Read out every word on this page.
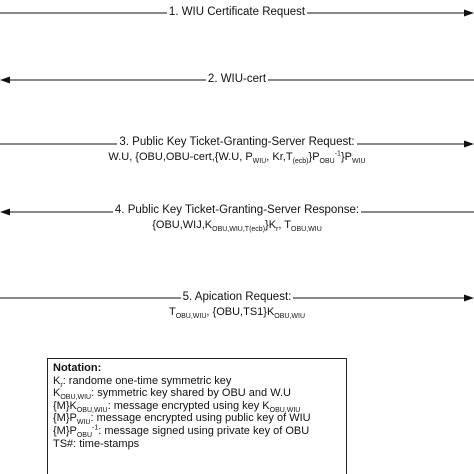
1. WIU Certificate Request
2. WIU-cert
3. Public Key Ticket-Granting-Server Request:
W.U, {OBU,OBU-cert,{W.U, $P_{WIU}$, $Kr,T_{(ecb)}\}P_{OBU}^{-1}\}P_{WIU}$
4. Public Key Ticket-Granting-Server Response:
$\{OBU,WIJ,K_{OBU,WIU,T(ecb)}\}K_r$, $T_{OBU,WIU}$
5. Apication Request:
$T_{OBU,WIU}$, $\{OBU,TS1\}K_{OBU,WIU}$
Notation:
$K_r$: randome one-time symmetric key
$K_{OBU,WIU}$: symmetric key shared by OBU and W.U
$\{M\}K_{OBU,WIU}$: message encrypted using key $K_{OBU,WIU}$
$\{M\}P_{WIU}$: message encrypted using public key of WIU
$\{M\}P_{OBU}^{-1}$: message signed using private key of OBU
TS#: time-stamps
